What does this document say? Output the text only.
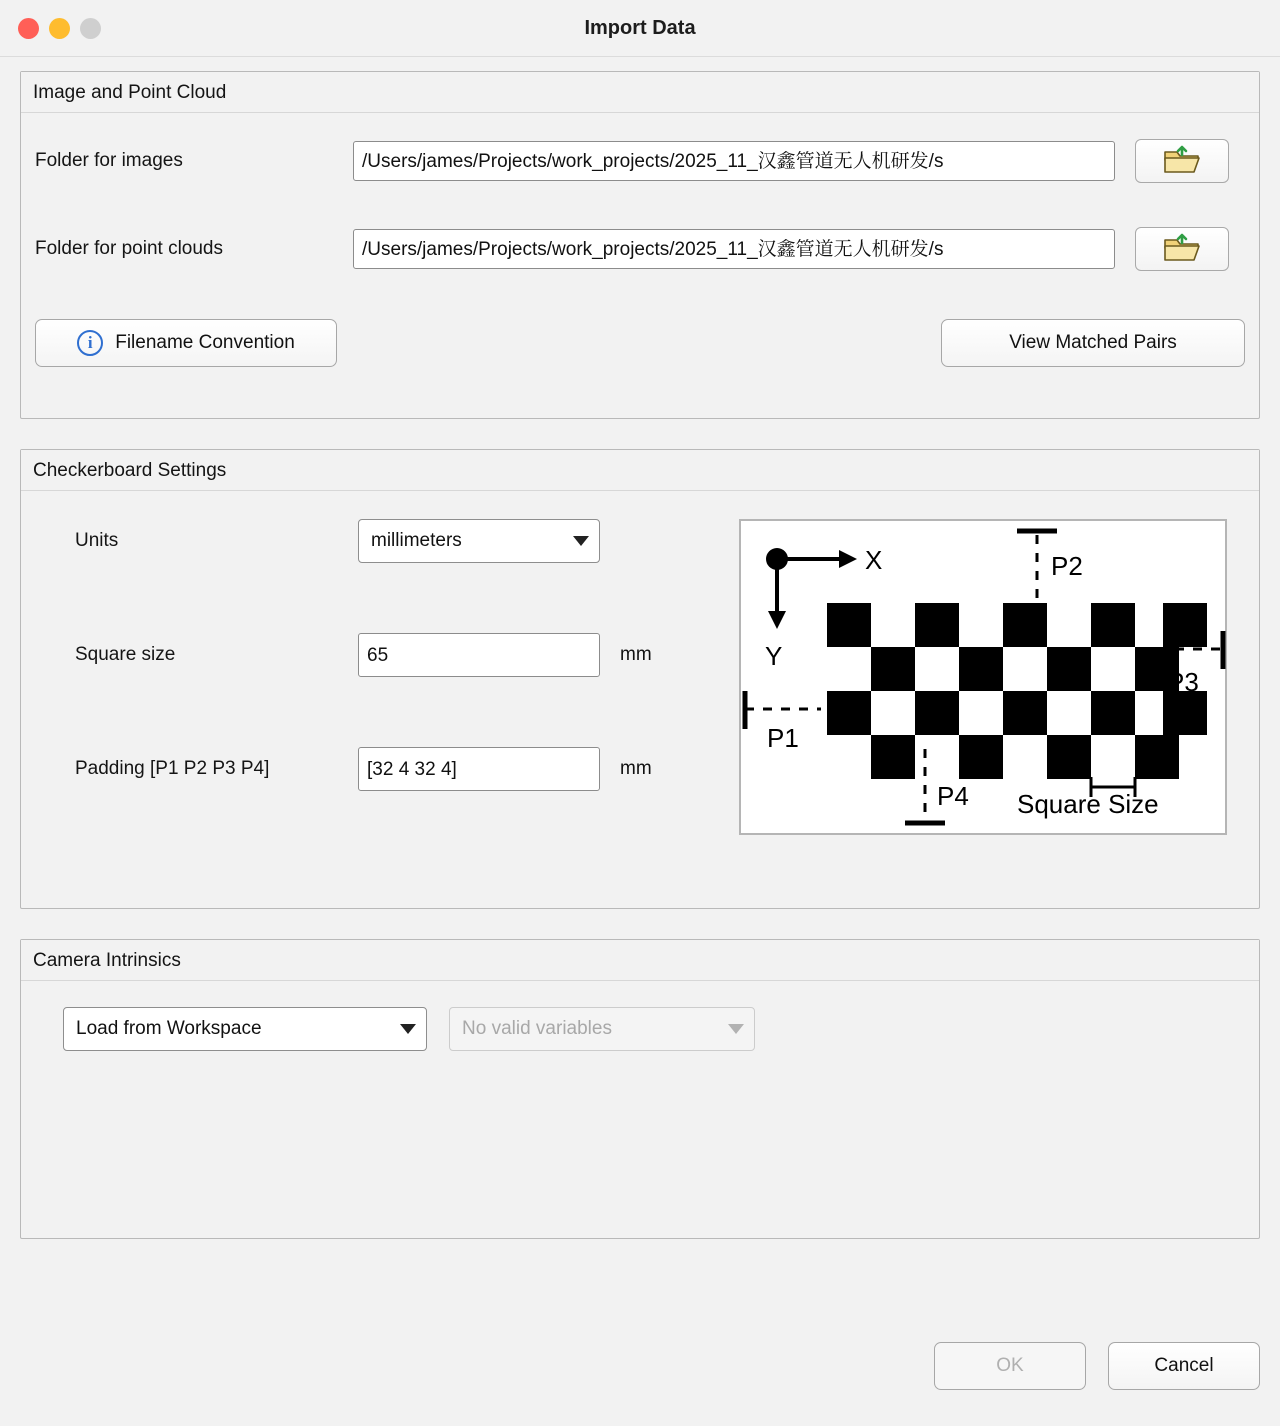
Import Data
Image and Point Cloud
Folder for images	/Users/james/Projects/work_projects/2025_11_汉鑫管道无人机研发/s
Folder for point clouds	/Users/james/Projects/work_projects/2025_11_汉鑫管道无人机研发/s
i	Filename Convention	View Matched Pairs
Checkerboard Settings
Units	millimeters
Square size	65	mm
Padding [P1 P2 P3 P4]	[32 4 32 4]	mm
X
Y
P2
P3
P1
P4 Square Size
Camera Intrinsics
Load from Workspace	No valid variables
OK	Cancel
